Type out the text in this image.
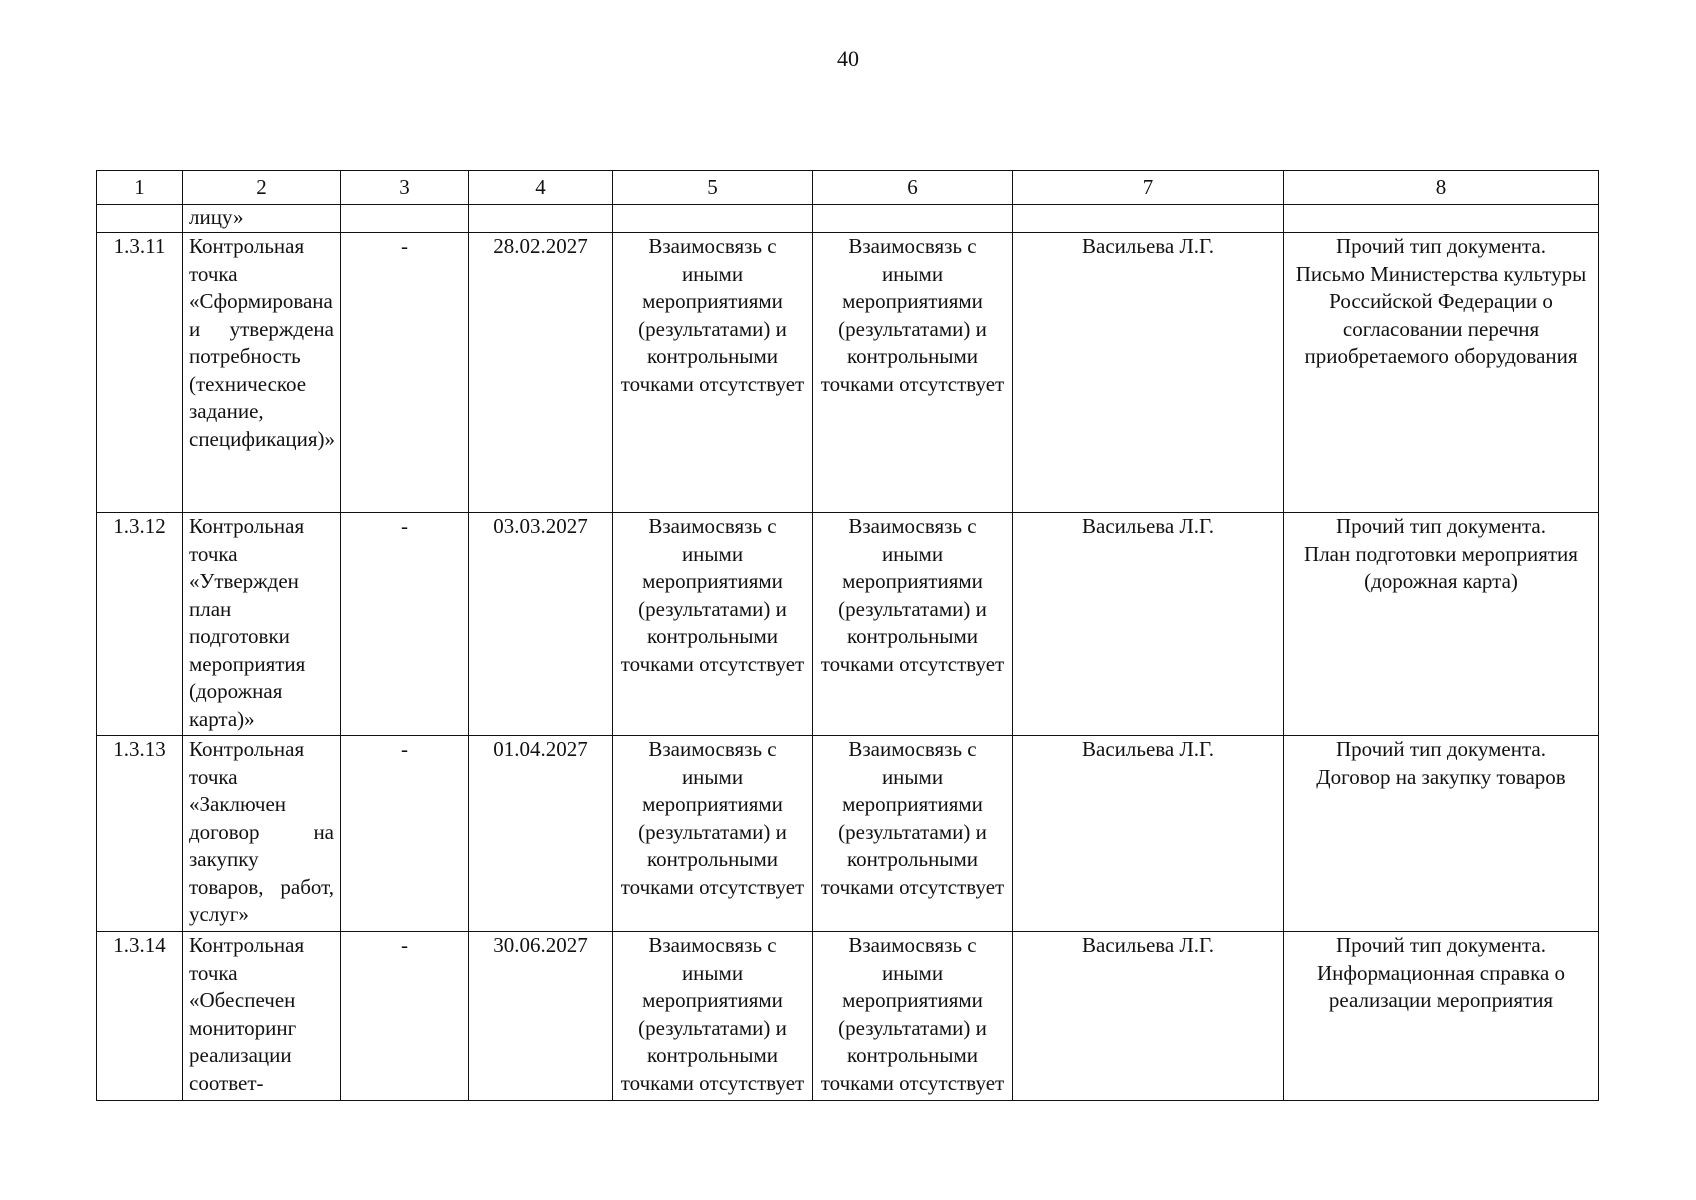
40
1	2	3	4	5	6	7	8

	лицу»						

1.3.11	Контрольная точка «Сформирована и утверждена потребность (техническое задание, спецификация)»	-	28.02.2027	Взаимосвязь с
иными мероприятиями (результатами) и контрольными точками отсутствует	Взаимосвязь с
иными мероприятиями (результатами) и контрольными точками отсутствует	Васильева Л.Г.	Прочий тип документа.
Письмо Министерства культуры Российской Федерации о согласовании перечня приобретаемого оборудования
1.3.12	Контрольная точка «Утвержден план подготовки мероприятия (дорожная карта)»	-	03.03.2027	Взаимосвязь с
иными мероприятиями (результатами) и контрольными точками отсутствует	Взаимосвязь с
иными мероприятиями (результатами) и контрольными точками отсутствует	Васильева Л.Г.	Прочий тип документа.
План подготовки мероприятия (дорожная карта)
1.3.13	Контрольная точка «Заключен договор на закупку товаров, работ, услуг»	-	01.04.2027	Взаимосвязь с
иными мероприятиями (результатами) и контрольными точками отсутствует	Взаимосвязь с
иными мероприятиями (результатами) и контрольными точками отсутствует	Васильева Л.Г.	Прочий тип документа.
Договор на закупку товаров
1.3.14	Контрольная точка «Обеспечен мониторинг реализации соответ-	-	30.06.2027	Взаимосвязь с
иными мероприятиями (результатами) и контрольными точками отсутствует	Взаимосвязь с
иными мероприятиями (результатами) и контрольными точками отсутствует	Васильева Л.Г.	Прочий тип документа.
Информационная справка о реализации мероприятия
